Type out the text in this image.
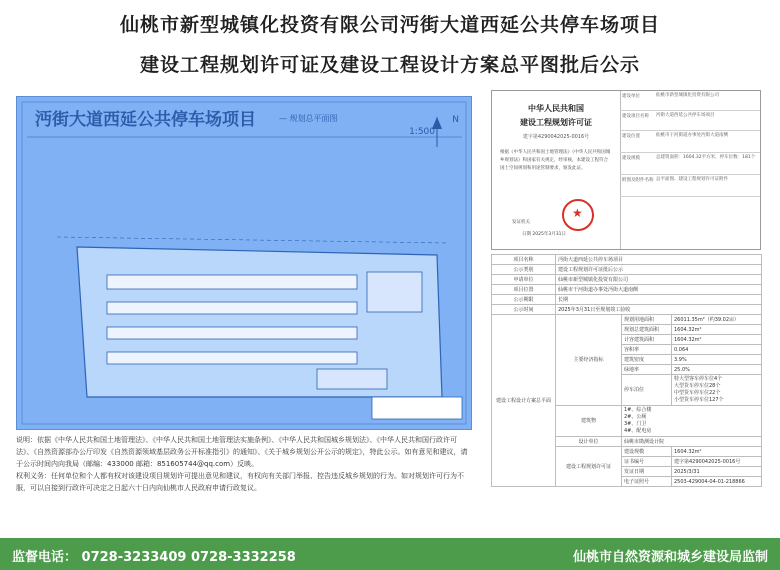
仙桃市新型城镇化投资有限公司沔街大道西延公共停车场项目
建设工程规划许可证及建设工程设计方案总平图批后公示
沔街大道西延公共停车场项目	— 规划总平面图
1:500
N
中华人民共和国
建设工程规划许可证
建字第4290042025-0016号
根据《中华人民共和国土地管理法》《中华人民共和国城乡规划法》和国家有关规定，经审核，本建设工程符合国土空间规划和用途管制要求，颁发此证。
发证机关
日期 2025年3月31日
★
建设单位	仙桃市新型城镇化投资有限公司
建设项目名称	沔街大道西延公共停车场项目
建设位置	仙桃市干河街道办事处沔街大道南侧
建设规模	总建筑面积：1604.32平方米，停车位数：181个
附图及附件名称 总平面图、建设工程规划许可证附件
项目名称	沔街大道西延公共停车场项目		
公示类别	建设工程规划许可证批后公示		
申请单位	仙桃市新型城镇化投资有限公司		
项目位置	仙桃市干河街道办事处沔街大道南侧		
公示期限	长期		
公示时间	2025年3月31日至规划竣工验收		
建设工程设计方案总平面	主要经济指标	规划用地面积	26011.35m²（约39.02亩）
		规划总建筑面积	1604.32m²
		计容建筑面积	1604.32m²
		容积率	0.064
		建筑密度	3.9%
		绿地率	25.0%
		停车泊位	特大型客车停车位4个
大型货车停车位28个
中型货车停车位22个
小型货车停车位127个

	建筑物	1#、综合楼
2#、公厕
3#、门卫
4#、配电房	

	设计单位	仙桃市勘测设计院	
	建设工程规划许可证	建设规模	1604.32m²
		证书编号	建字第4290042025-0016号
		发证日期	2025/3/31
		电子证照号	2503-429004-04-01-218866

说明：依据《中华人民共和国土地管理法》、《中华人民共和国土地管理法实施条例》、《中华人民共和国城乡规划法》、《中华人民共和国行政许可法》、《自然资源部办公厅印发《自然资源领域基层政务公开标准指引》的通知》、《关于城乡规划公开公示的规定》，特此公示。如有意见和建议，请于公示时间内向我局（邮编：433000 邮箱：851605744@qq.com）反映。

权利义务：任何单位和个人都有权对该建设项目规划许可提出意见和建议，有权向有关部门举报、控告违反城乡规划的行为。如对规划许可行为不服，可以自接到行政许可决定之日起六十日内向仙桃市人民政府申请行政复议。

监督电话： 0728-3233409 0728-3332258	仙桃市自然资源和城乡建设局监制
